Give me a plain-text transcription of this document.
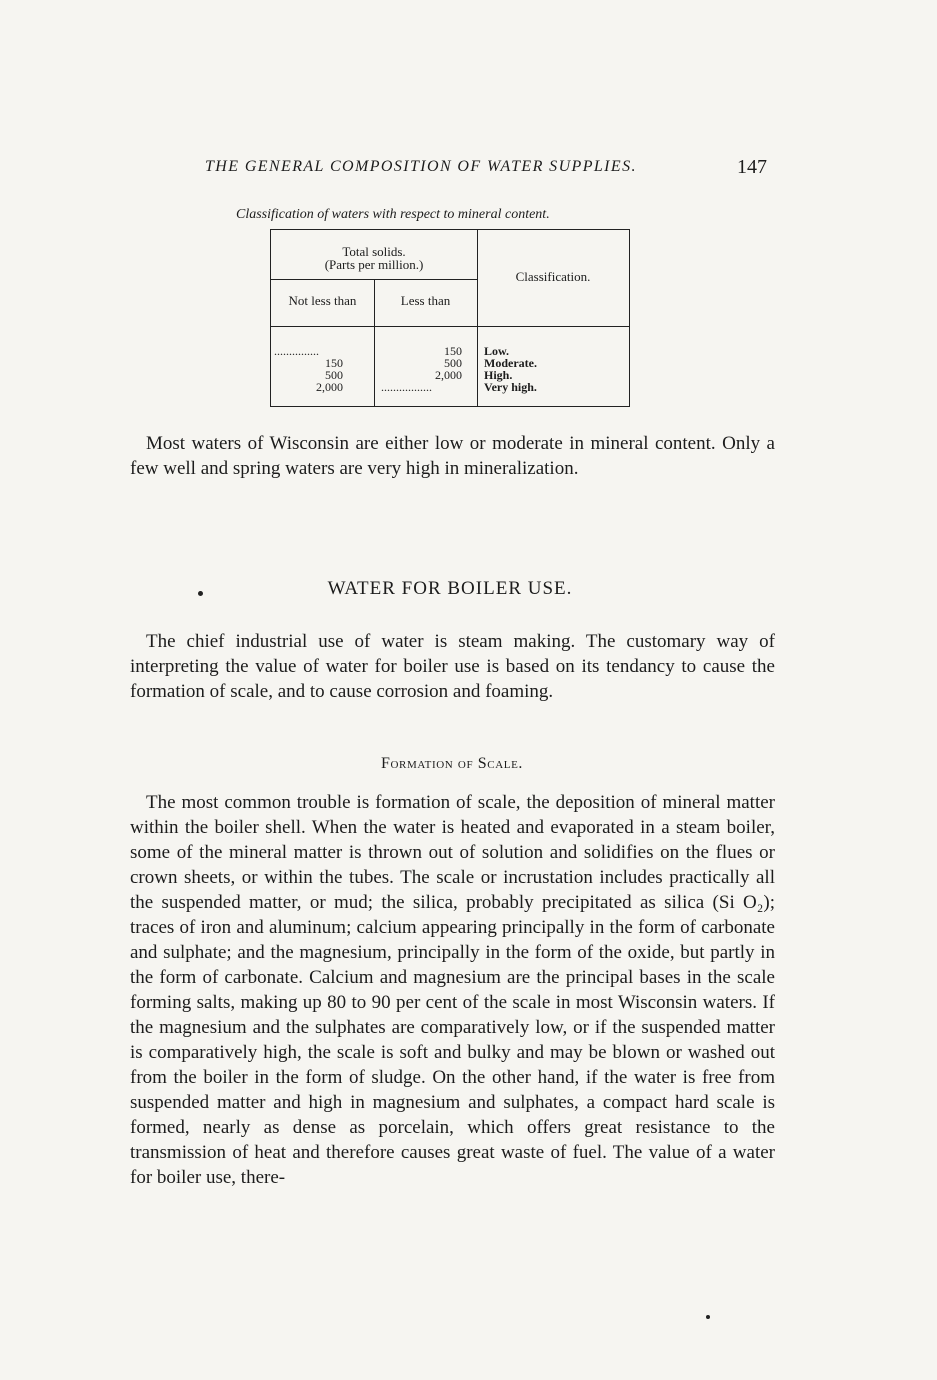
THE GENERAL COMPOSITION OF WATER SUPPLIES.	147
Classification of waters with respect to mineral content.
Total solids.
(Parts per million.)
Not less than	Less than
Classification.
...............	150 Low.
150	500 Moderate.
500	2,000 High.
2,000	.................	Very high.

Most waters of Wisconsin are either low or moderate in mineral content. Only a few well and spring waters are very high in mineralization.

WATER FOR BOILER USE.

The chief industrial use of water is steam making. The customary way of interpreting the value of water for boiler use is based on its tendancy to cause the formation of scale, and to cause corrosion and foaming.

Formation of Scale.

The most common trouble is formation of scale, the deposition of mineral matter within the boiler shell. When the water is heated and evaporated in a steam boiler, some of the mineral matter is thrown out of solution and solidifies on the flues or crown sheets, or within the tubes. The scale or incrustation includes practically all the suspended matter, or mud; the silica, probably precipitated as silica (Si O₂); traces of iron and aluminum; calcium appearing principally in the form of carbonate and sulphate; and the magnesium, principally in the form of the oxide, but partly in the form of carbonate. Calcium and magnesium are the principal bases in the scale forming salts, making up 80 to 90 per cent of the scale in most Wisconsin waters. If the magnesium and the sulphates are comparatively low, or if the suspended matter is comparatively high, the scale is soft and bulky and may be blown or washed out from the boiler in the form of sludge. On the other hand, if the water is free from suspended matter and high in magnesium and sulphates, a compact hard scale is formed, nearly as dense as porcelain, which offers great resistance to the transmission of heat and therefore causes great waste of fuel. The value of a water for boiler use, there-
